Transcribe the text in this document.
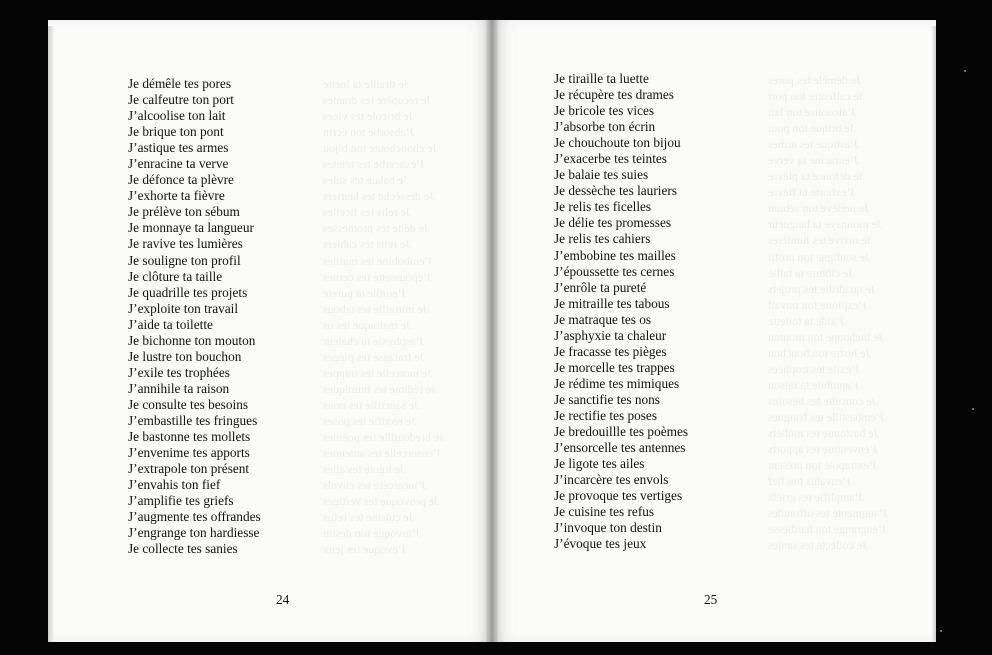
Je tiraille ta luette
Je récupère tes drames
Je bricole tes vices
J’absorbe ton écrin
Je chouchoute ton bijou
J’exacerbe tes teintes
Je balaie tes suies
Je dessèche tes lauriers
Je relis tes ficelles
Je délie tes promesses
Je relis tes cahiers
J’embobine tes mailles
J’époussette tes cernes
J’enrôle ta pureté
Je mitraille tes tabous
Je matraque tes os
J’asphyxie ta chaleur
Je fracasse tes pièges
Je morcelle tes trappes
Je rédime tes mimiques
Je sanctifie tes nons
Je rectifie tes poses
Je bredouillle tes poèmes
J’ensorcelle tes antennes
Je ligote tes ailes
J’incarcère tes envols
Je provoque tes vertiges
Je cuisine tes refus
J’invoque ton destin
J’évoque tes jeux
Je démêle tes pores
Je calfeutre ton port
J’alcoolise ton lait
Je brique ton pont
J’astique tes armes
J’enracine ta verve
Je défonce ta plèvre
J’exhorte ta fièvre
Je prélève ton sébum
Je monnaye ta langueur
Je ravive tes lumières
Je souligne ton profil
Je clôture ta taille
Je quadrille tes projets
J’exploite ton travail
J’aide ta toilette
Je bichonne ton mouton
Je lustre ton bouchon
J’exile tes trophées
J’annihile ta raison
Je consulte tes besoins
J’embastille tes fringues
Je bastonne tes mollets
J’envenime tes apports
J’extrapole ton présent
J’envahis ton fief
J’amplifie tes griefs
J’augmente tes offrandes
J’engrange ton hardiesse
Je collecte tes sanies
24
Je démêle tes pores
Je calfeutre ton port
J’alcoolise ton lait
Je brique ton pont
J’astique tes armes
J’enracine ta verve
Je défonce ta plèvre
J’exhorte ta fièvre
Je prélève ton sébum
Je monnaye ta langueur
Je ravive tes lumières
Je souligne ton profil
Je clôture ta taille
Je quadrille tes projets
J’exploite ton travail
J’aide ta toilette
Je bichonne ton mouton
Je lustre ton bouchon
J’exile tes trophées
J’annihile ta raison
Je consulte tes besoins
J’embastille tes fringues
Je bastonne tes mollets
J’envenime tes apports
J’extrapole ton présent
J’envahis ton fief
J’amplifie tes griefs
J’augmente tes offrandes
J’engrange ton hardiesse
Je collecte tes sanies
Je tiraille ta luette
Je récupère tes drames
Je bricole tes vices
J’absorbe ton écrin
Je chouchoute ton bijou
J’exacerbe tes teintes
Je balaie tes suies
Je dessèche tes lauriers
Je relis tes ficelles
Je délie tes promesses
Je relis tes cahiers
J’embobine tes mailles
J’époussette tes cernes
J’enrôle ta pureté
Je mitraille tes tabous
Je matraque tes os
J’asphyxie ta chaleur
Je fracasse tes pièges
Je morcelle tes trappes
Je rédime tes mimiques
Je sanctifie tes nons
Je rectifie tes poses
Je bredouillle tes poèmes
J’ensorcelle tes antennes
Je ligote tes ailes
J’incarcère tes envols
Je provoque tes vertiges
Je cuisine tes refus
J’invoque ton destin
J’évoque tes jeux
25
